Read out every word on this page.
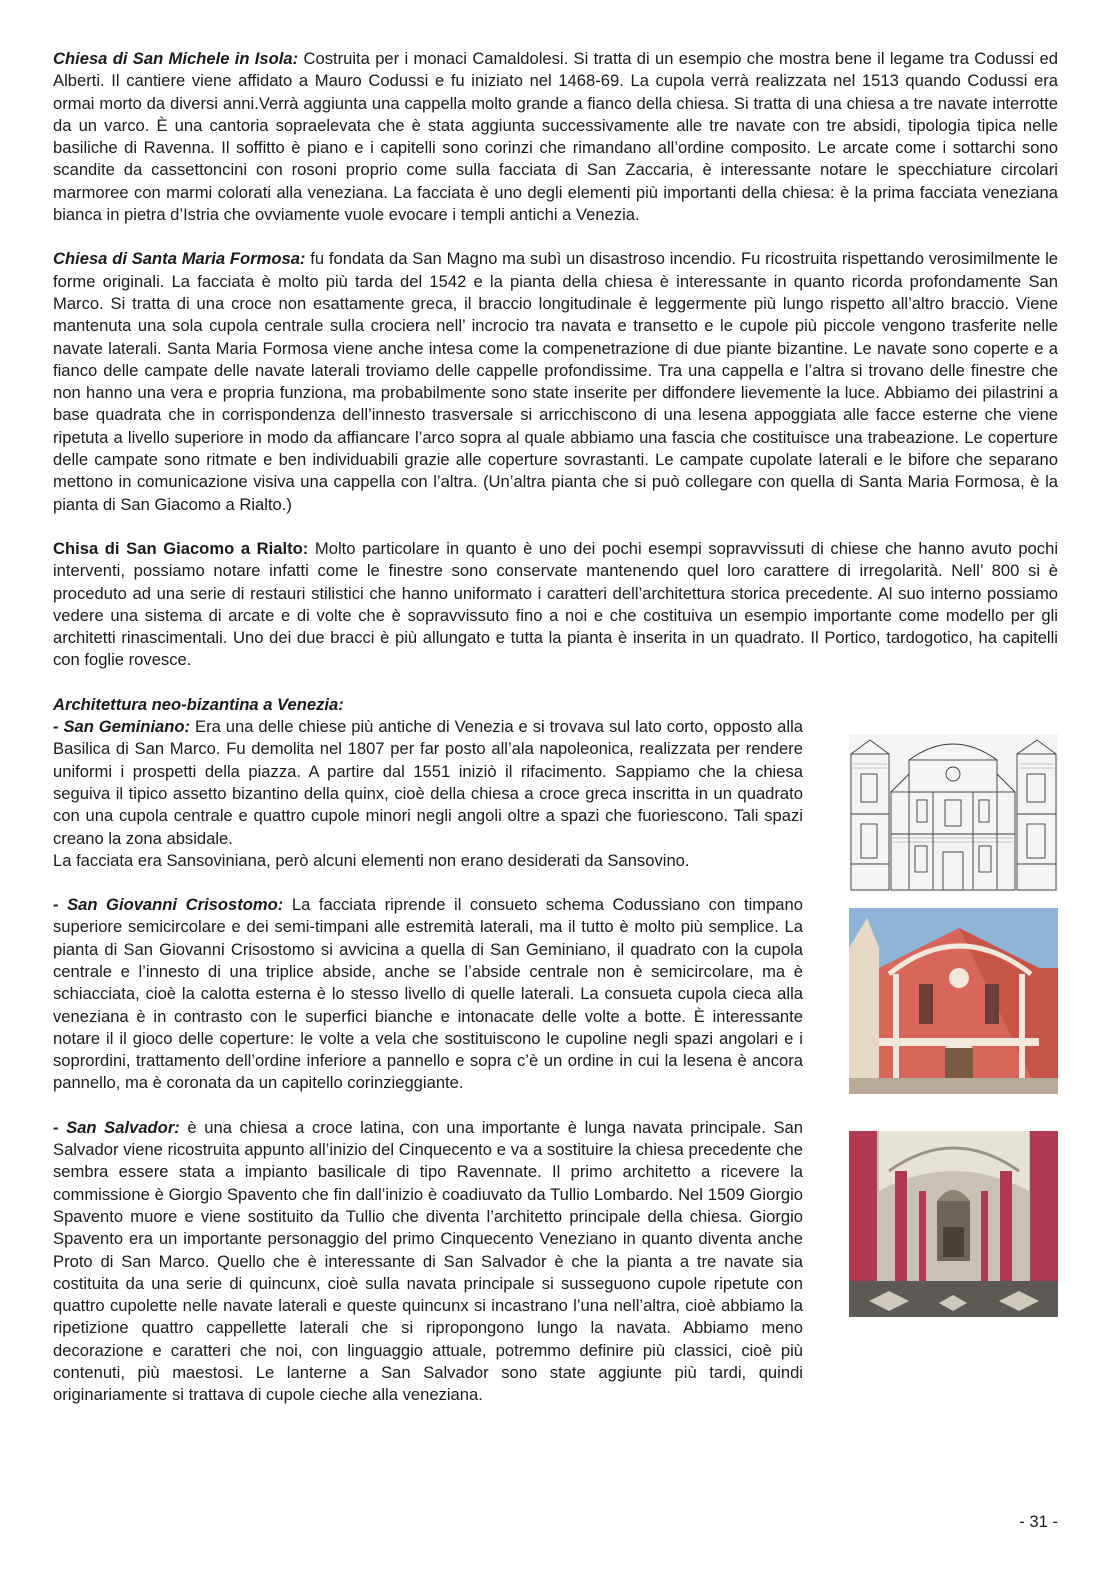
Chiesa di San Michele in Isola: Costruita per i monaci Camaldolesi. Si tratta di un esempio che mostra bene il legame tra Codussi ed Alberti. Il cantiere viene affidato a Mauro Codussi e fu iniziato nel 1468-69. La cupola verrà realizzata nel 1513 quando Codussi era ormai morto da diversi anni.Verrà aggiunta una cappella molto grande a fianco della chiesa. Si tratta di una chiesa a tre navate interrotte da un varco. È una cantoria sopraelevata che è stata aggiunta successivamente alle tre navate con tre absidi, tipologia tipica nelle basiliche di Ravenna. Il soffitto è piano e i capitelli sono corinzi che rimandano all’ordine composito. Le arcate come i sottarchi sono scandite da cassettoncini con rosoni proprio come sulla facciata di San Zaccaria, è interessante notare le specchiature circolari marmoree con marmi colorati alla veneziana. La facciata è uno degli elementi più importanti della chiesa: è la prima facciata veneziana bianca in pietra d’Istria che ovviamente vuole evocare i templi antichi a Venezia.

Chiesa di Santa Maria Formosa: fu fondata da San Magno ma subì un disastroso incendio. Fu ricostruita rispettando verosimilmente le forme originali. La facciata è molto più tarda del 1542 e la pianta della chiesa è interessante in quanto ricorda profondamente San Marco. Si tratta di una croce non esattamente greca, il braccio longitudinale è leggermente più lungo rispetto all’altro braccio. Viene mantenuta una sola cupola centrale sulla crociera nell’ incrocio tra navata e transetto e le cupole più piccole vengono trasferite nelle navate laterali. Santa Maria Formosa viene anche intesa come la compenetrazione di due piante bizantine. Le navate sono coperte e a fianco delle campate delle navate laterali troviamo delle cappelle profondissime. Tra una cappella e l’altra si trovano delle finestre che non hanno una vera e propria funziona, ma probabilmente sono state inserite per diffondere lievemente la luce. Abbiamo dei pilastrini a base quadrata che in corrispondenza dell’innesto trasversale si arricchiscono di una lesena appoggiata alle facce esterne che viene ripetuta a livello superiore in modo da affiancare l’arco sopra al quale abbiamo una fascia che costituisce una trabeazione. Le coperture delle campate sono ritmate e ben individuabili grazie alle coperture sovrastanti. Le campate cupolate laterali e le bifore che separano mettono in comunicazione visiva una cappella con l’altra. (Un’altra pianta che si può collegare con quella di Santa Maria Formosa, è la pianta di San Giacomo a Rialto.)

Chisa di San Giacomo a Rialto: Molto particolare in quanto è uno dei pochi esempi sopravvissuti di chiese che hanno avuto pochi interventi, possiamo notare infatti come le finestre sono conservate mantenendo quel loro carattere di irregolarità. Nell’ 800 si è proceduto ad una serie di restauri stilistici che hanno uniformato i caratteri dell’architettura storica precedente. Al suo interno possiamo vedere una sistema di arcate e di volte che è sopravvissuto fino a noi e che costituiva un esempio importante come modello per gli architetti rinascimentali. Uno dei due bracci è più allungato e tutta la pianta è inserita in un quadrato. Il Portico, tardogotico, ha capitelli con foglie rovesce.

Architettura neo-bizantina a Venezia:

- San Geminiano: Era una delle chiese più antiche di Venezia e si trovava sul lato corto, opposto alla Basilica di San Marco. Fu demolita nel 1807 per far posto all’ala napoleonica, realizzata per rendere uniformi i prospetti della piazza. A partire dal 1551 iniziò il rifacimento. Sappiamo che la chiesa seguiva il tipico assetto bizantino della quinx, cioè della chiesa a croce greca inscritta in un quadrato con una cupola centrale e quattro cupole minori negli angoli oltre a spazi che fuoriescono. Tali spazi creano la zona absidale.

La facciata era Sansoviniana, però alcuni elementi non erano desiderati da Sansovino.

- San Giovanni Crisostomo: La facciata riprende il consueto schema Codussiano con timpano superiore semicircolare e dei semi-timpani alle estremità laterali, ma il tutto è molto più semplice. La pianta di San Giovanni Crisostomo si avvicina a quella di San Geminiano, il quadrato con la cupola centrale e l’innesto di una triplice abside, anche se l’abside centrale non è semicircolare, ma è schiacciata, cioè la calotta esterna è lo stesso livello di quelle laterali. La consueta cupola cieca alla veneziana è in contrasto con le superfici bianche e intonacate delle volte a botte. È interessante notare il il gioco delle coperture: le volte a vela che sostituiscono le cupoline negli spazi angolari e i soprordini, trattamento dell’ordine inferiore a pannello e sopra c’è un ordine in cui la lesena è ancora pannello, ma è coronata da un capitello corinzieggiante.

- San Salvador: è una chiesa a croce latina, con una importante è lunga navata principale. San Salvador viene ricostruita appunto all’inizio del Cinquecento e va a sostituire la chiesa precedente che sembra essere stata a impianto basilicale di tipo Ravennate. Il primo architetto a ricevere la commissione è Giorgio Spavento che fin dall’inizio è coadiuvato da Tullio Lombardo. Nel 1509 Giorgio Spavento muore e viene sostituito da Tullio che diventa l’architetto principale della chiesa. Giorgio Spavento era un importante personaggio del primo Cinquecento Veneziano in quanto diventa anche Proto di San Marco. Quello che è interessante di San Salvador è che la pianta a tre navate sia costituita da una serie di quincunx, cioè sulla navata principale si susseguono cupole ripetute con quattro cupolette nelle navate laterali e queste quincunx si incastrano l’una nell’altra, cioè abbiamo la ripetizione quattro cappellette laterali che si ripropongono lungo la navata. Abbiamo meno decorazione e caratteri che noi, con linguaggio attuale, potremmo definire più classici, cioè più contenuti, più maestosi. Le lanterne a San Salvador sono state aggiunte più tardi, quindi originariamente si trattava di cupole cieche alla veneziana.

- 31 -
